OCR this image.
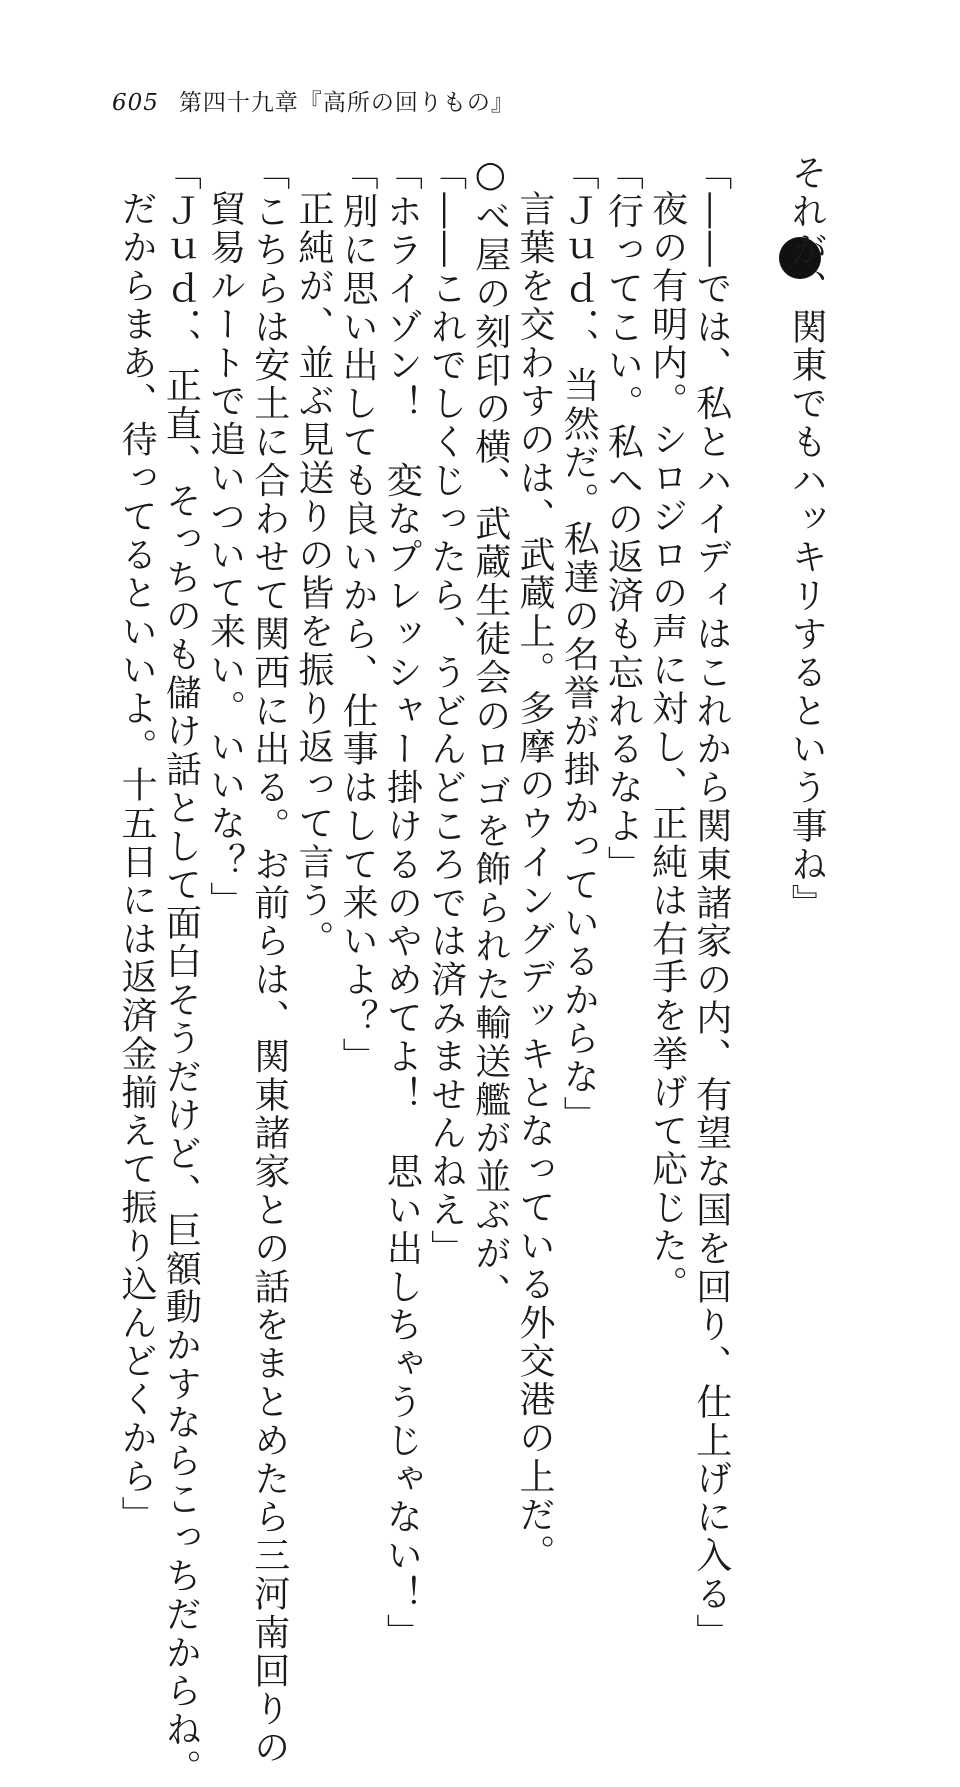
605 第四十九章『高所の回りもの』
それが、関東でもハッキリするという事ね』
「――では、私とハイディはこれから関東諸家の内、有望な国を回り、仕上げに入る」
夜の有明内。シロジロの声に対し、正純は右手を挙げて応じた。
「行ってこい。私への返済も忘れるなよ」
「Ｊｕｄ．、当然だ。私達の名誉が掛かっているからな」
言葉を交わすのは、武蔵上。多摩のウイングデッキとなっている外交港の上だ。
○べ屋の刻印の横、武蔵生徒会のロゴを飾られた輸送艦が並ぶが、
「――これでしくじったら、うどんどころでは済みませんねえ」
「ホライゾン！　変なプレッシャー掛けるのやめてよ！　思い出しちゃうじゃない！」
「別に思い出しても良いから、仕事はして来いよ？」
正純が、並ぶ見送りの皆を振り返って言う。
「こちらは安土に合わせて関西に出る。お前らは、関東諸家との話をまとめたら三河南回りの
貿易ルートで追いついて来い。いいな？」
「Ｊｕｄ．、正直、そっちのも儲け話として面白そうだけど、巨額動かすならこっちだからね。
だからまあ、待ってるといいよ。十五日には返済金揃えて振り込んどくから」
